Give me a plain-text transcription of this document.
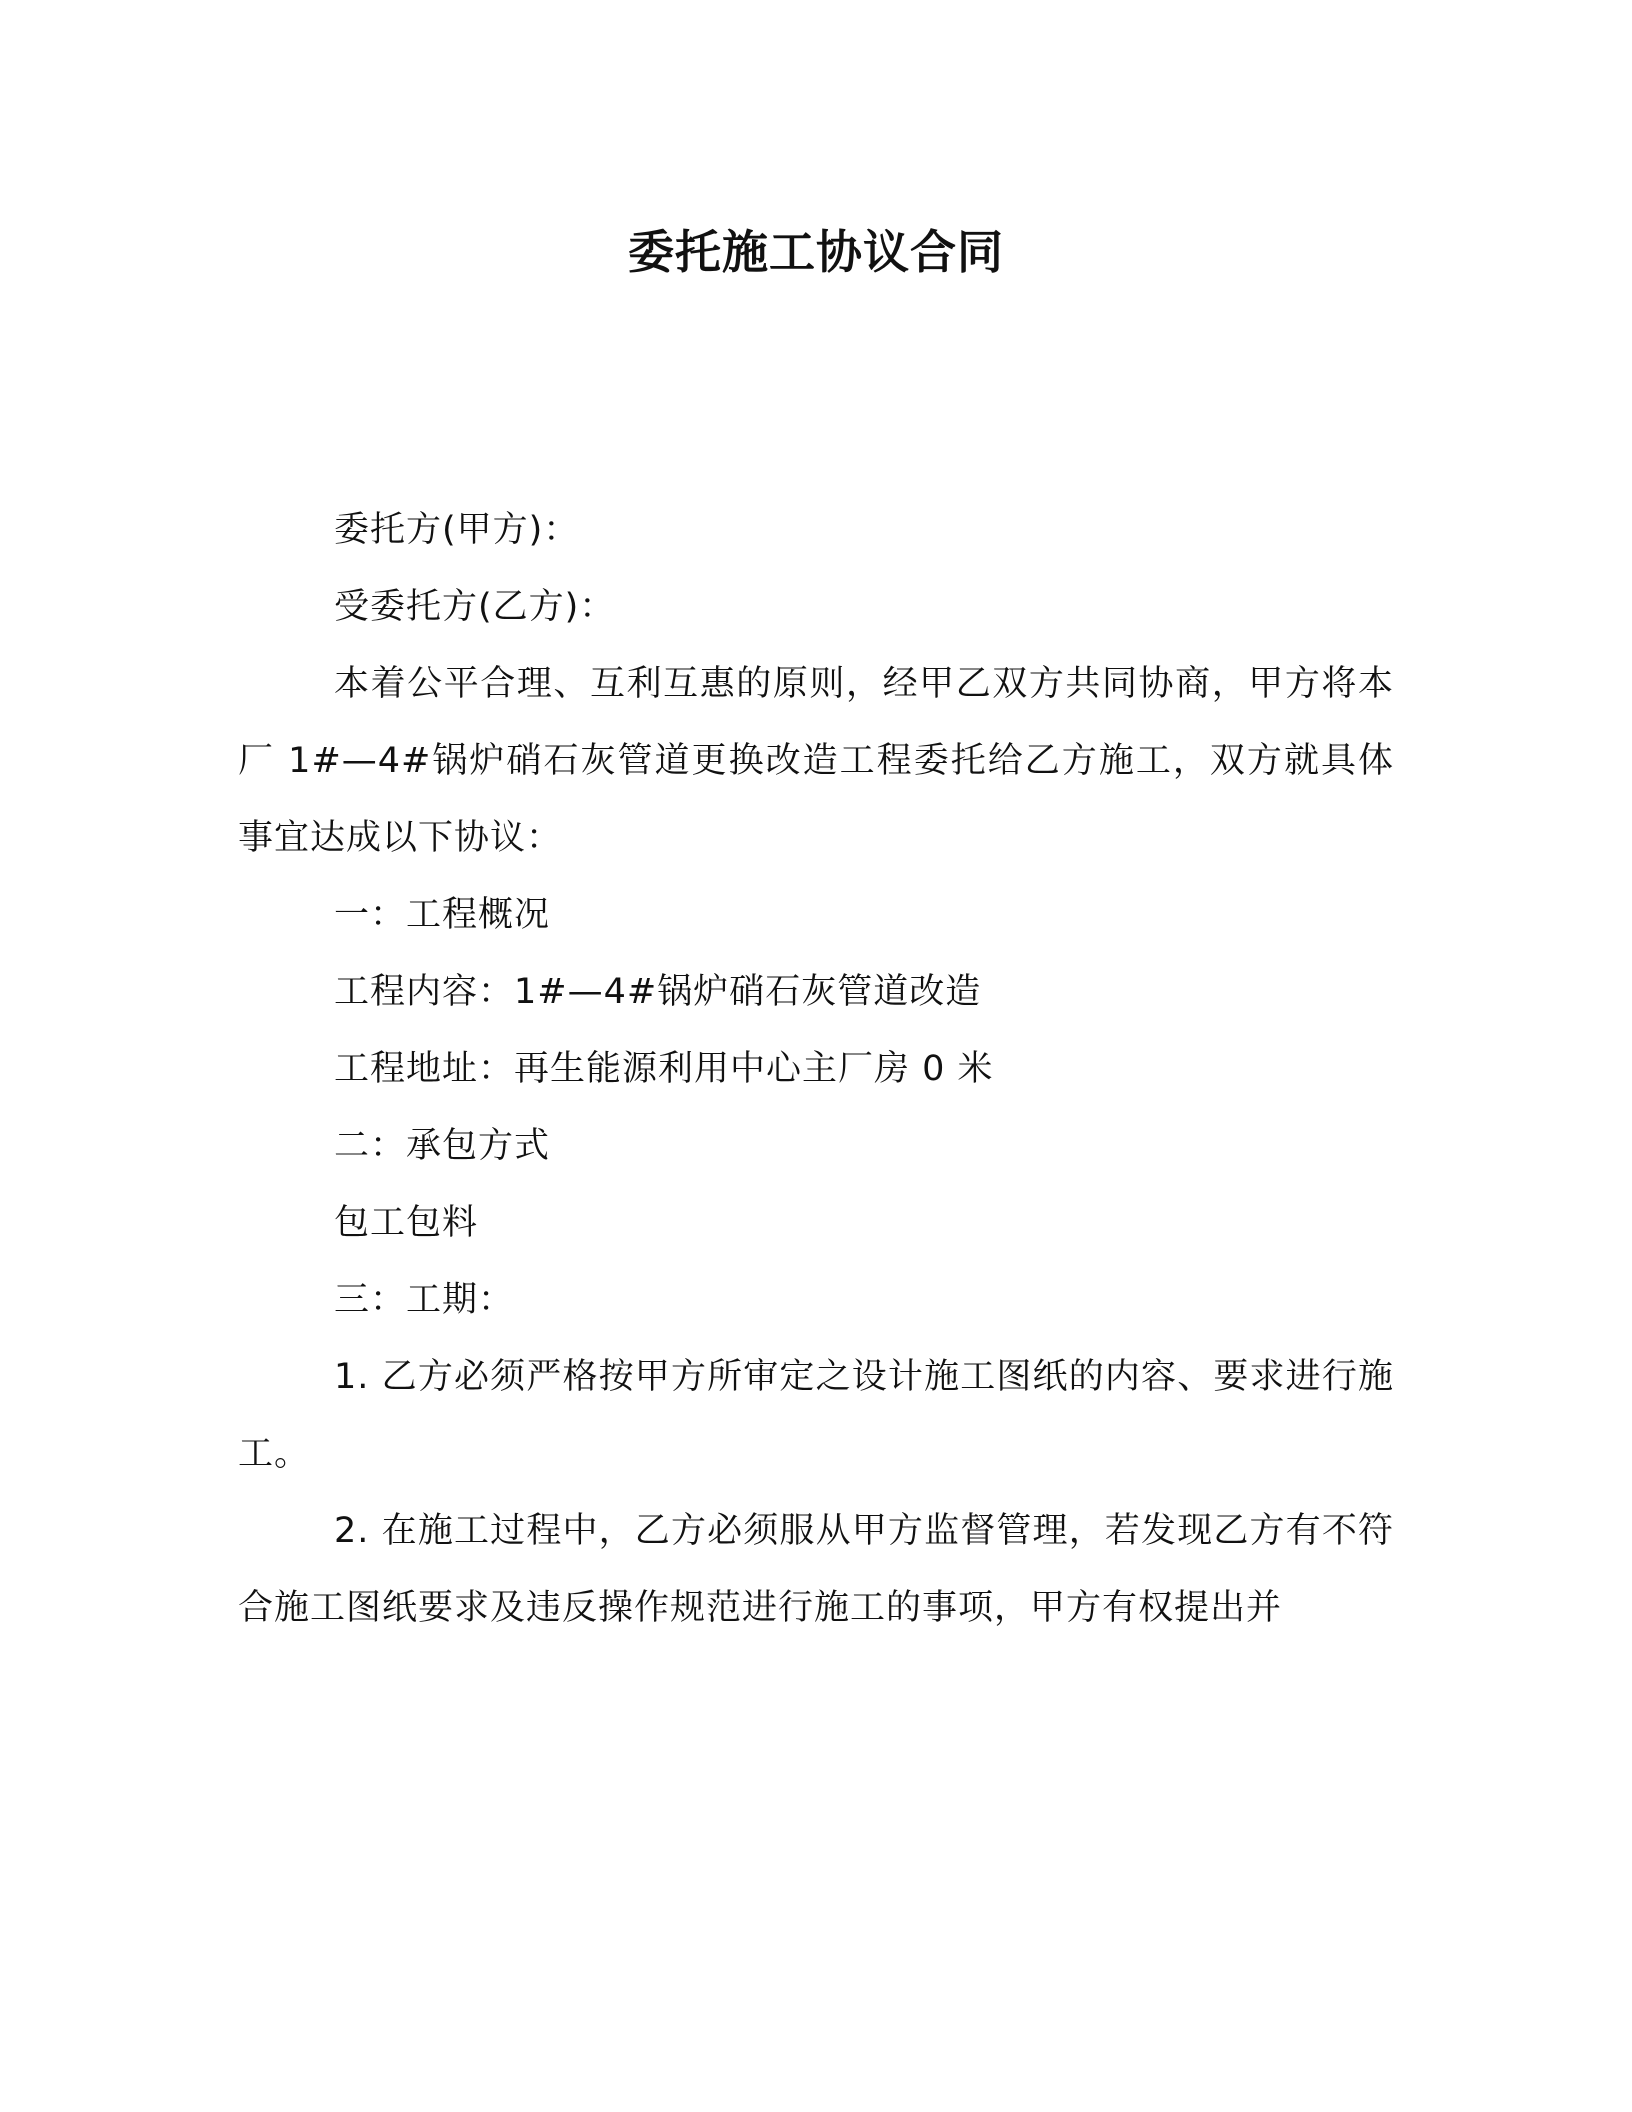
委托施工协议合同

委托方(甲方)：

受委托方(乙方)：

本着公平合理、互利互惠的原则，经甲乙双方共同协商，甲方将本厂 1#—4#锅炉硝石灰管道更换改造工程委托给乙方施工，双方就具体事宜达成以下协议：

一：工程概况

工程内容：1#—4#锅炉硝石灰管道改造

工程地址：再生能源利用中心主厂房 0 米

二：承包方式

包工包料

三：工期：

1. 乙方必须严格按甲方所审定之设计施工图纸的内容、要求进行施工。

2. 在施工过程中，乙方必须服从甲方监督管理，若发现乙方有不符合施工图纸要求及违反操作规范进行施工的事项，甲方有权提出并
